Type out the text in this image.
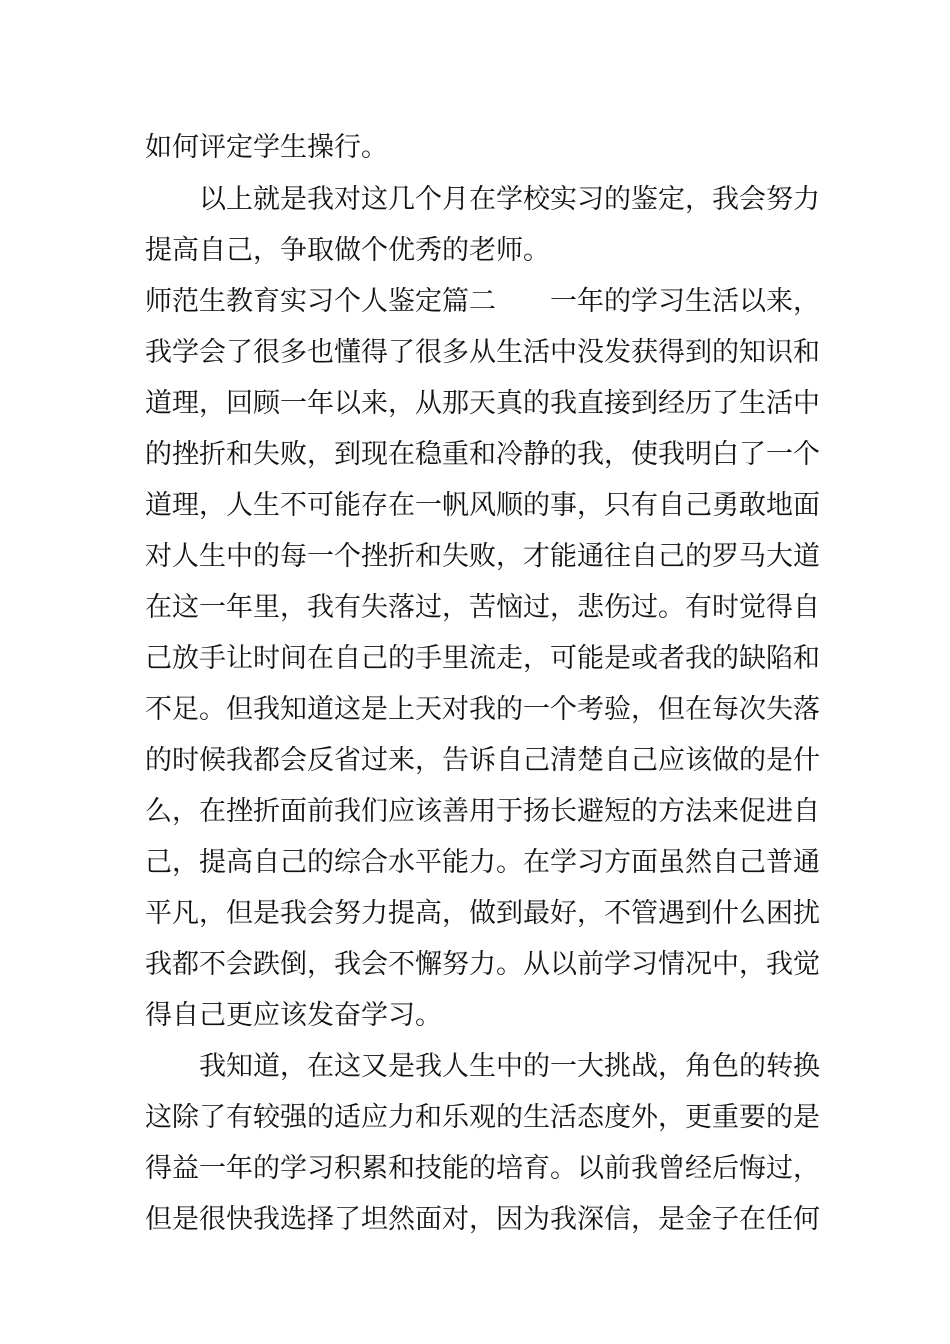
如何评定学生操行。
以上就是我对这几个月在学校实习的鉴定，我会努力
提高自己，争取做个优秀的老师。
师范生教育实习个人鉴定篇二　　一年的学习生活以来，
我学会了很多也懂得了很多从生活中没发获得到的知识和
道理，回顾一年以来，从那天真的我直接到经历了生活中
的挫折和失败，到现在稳重和冷静的我，使我明白了一个
道理，人生不可能存在一帆风顺的事，只有自己勇敢地面
对人生中的每一个挫折和失败，才能通往自己的罗马大道
在这一年里，我有失落过，苦恼过，悲伤过。有时觉得自
己放手让时间在自己的手里流走，可能是或者我的缺陷和
不足。但我知道这是上天对我的一个考验，但在每次失落
的时候我都会反省过来，告诉自己清楚自己应该做的是什
么，在挫折面前我们应该善用于扬长避短的方法来促进自
己，提高自己的综合水平能力。在学习方面虽然自己普通
平凡，但是我会努力提高，做到最好，不管遇到什么困扰
我都不会跌倒，我会不懈努力。从以前学习情况中，我觉
得自己更应该发奋学习。
我知道，在这又是我人生中的一大挑战，角色的转换
这除了有较强的适应力和乐观的生活态度外，更重要的是
得益一年的学习积累和技能的培育。以前我曾经后悔过，
但是很快我选择了坦然面对，因为我深信，是金子在任何
